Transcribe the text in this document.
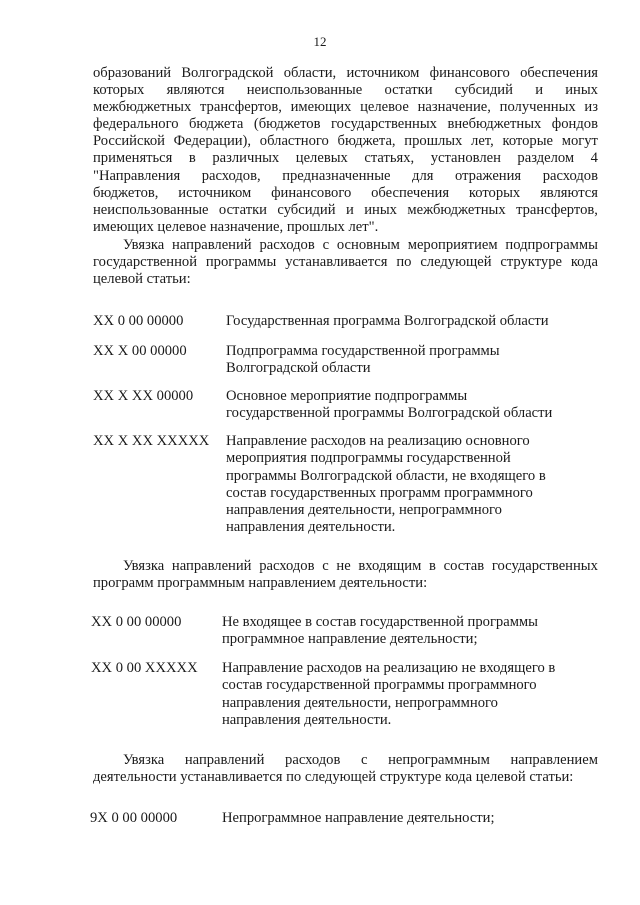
12
образований Волгоградской области, источником финансового обеспечения
которых являются неиспользованные остатки субсидий и иных
межбюджетных трансфертов, имеющих целевое назначение, полученных из
федерального бюджета (бюджетов государственных внебюджетных фондов
Российской Федерации), областного бюджета, прошлых лет, которые могут
применяться в различных целевых статьях, установлен разделом 4
"Направления расходов, предназначенные для отражения расходов
бюджетов, источником финансового обеспечения которых являются
неиспользованные остатки субсидий и иных межбюджетных трансфертов,
имеющих целевое назначение, прошлых лет".
Увязка направлений расходов с основным мероприятием подпрограммы
государственной программы устанавливается по следующей структуре кода
целевой статьи:
XX 0 00 00000	Государственная программа Волгоградской области
XX X 00 00000	Подпрограмма государственной программы
Волгоградской области
XX X XX 00000 Основное мероприятие подпрограммы
государственной программы Волгоградской области
XX X XX XXXXX Направление расходов на реализацию основного
мероприятия подпрограммы государственной
программы Волгоградской области, не входящего в
состав государственных программ программного
направления деятельности, непрограммного
направления деятельности.
Увязка направлений расходов с не входящим в состав государственных
программ программным направлением деятельности:
XX 0 00 00000	Не входящее в состав государственной программы
программное направление деятельности;
XX 0 00 XXXXX Направление расходов на реализацию не входящего в
состав государственной программы программного
направления деятельности, непрограммного
направления деятельности.
Увязка направлений расходов с непрограммным направлением
деятельности устанавливается по следующей структуре кода целевой статьи:
9X 0 00 00000	Непрограммное направление деятельности;
